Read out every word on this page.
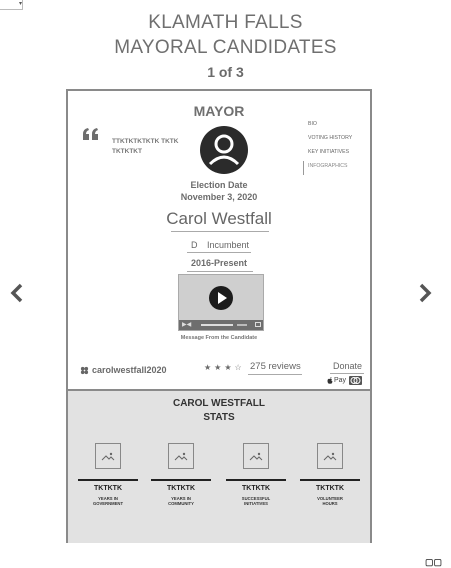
▾
KLAMATH FALLS
MAYORAL CANDIDATES
1 of 3
MAYOR
TTKTKTKTKTK TKTKTKTKTKT
BIO
VOTING HISTORY
KEY INITIATIVES
INFOGRAPHICS
Election Date
November 3, 2020
Carol Westfall
D Incumbent
2016-Present
▶◀
Message From the Candidate
carolwestfall2020	★★★☆ 275 reviews	Donate
Pay
CAROL WESTFALL
STATS
TKTKTK
YEARS IN
GOVERNMENT
TKTKTK
YEARS IN
COMMUNITY
TKTKTK
SUCCESSFUL
INITIATIVES
TKTKTK
VOLUNTEER
HOURS
▢▢
